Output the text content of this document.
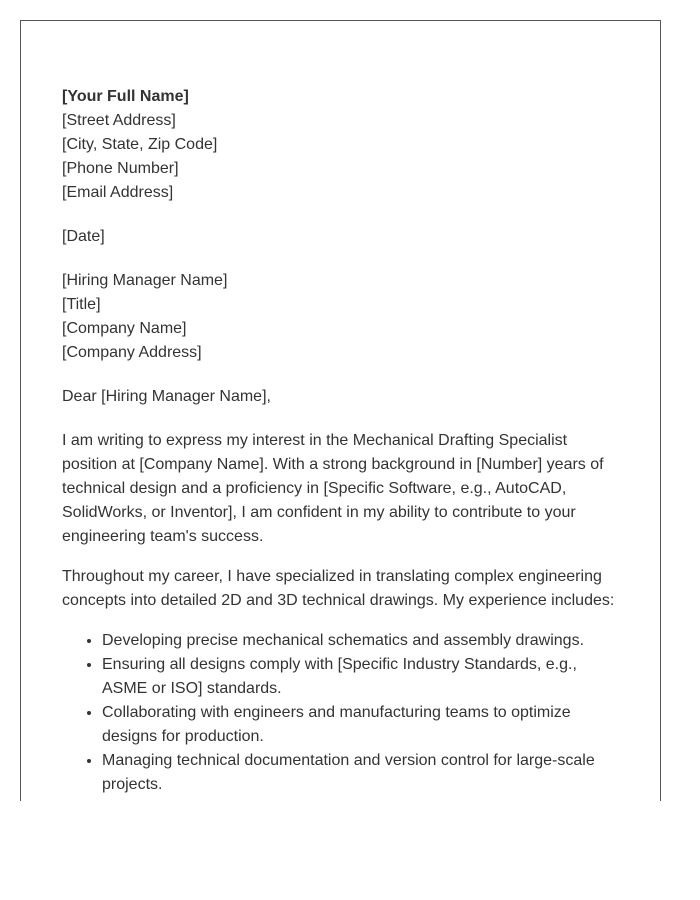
[Your Full Name]
[Street Address]
[City, State, Zip Code]
[Phone Number]
[Email Address]
[Date]
[Hiring Manager Name]
[Title]
[Company Name]
[Company Address]
Dear [Hiring Manager Name],

I am writing to express my interest in the Mechanical Drafting Specialist position at [Company Name]. With a strong background in [Number] years of technical design and a proficiency in [Specific Software, e.g., AutoCAD, SolidWorks, or Inventor], I am confident in my ability to contribute to your engineering team's success.

Throughout my career, I have specialized in translating complex engineering concepts into detailed 2D and 3D technical drawings. My experience includes:

• Developing precise mechanical schematics and assembly drawings.
• Ensuring all designs comply with [Specific Industry Standards, e.g., ASME or ISO] standards.
• Collaborating with engineers and manufacturing teams to optimize designs for production.
• Managing technical documentation and version control for large-scale projects.
